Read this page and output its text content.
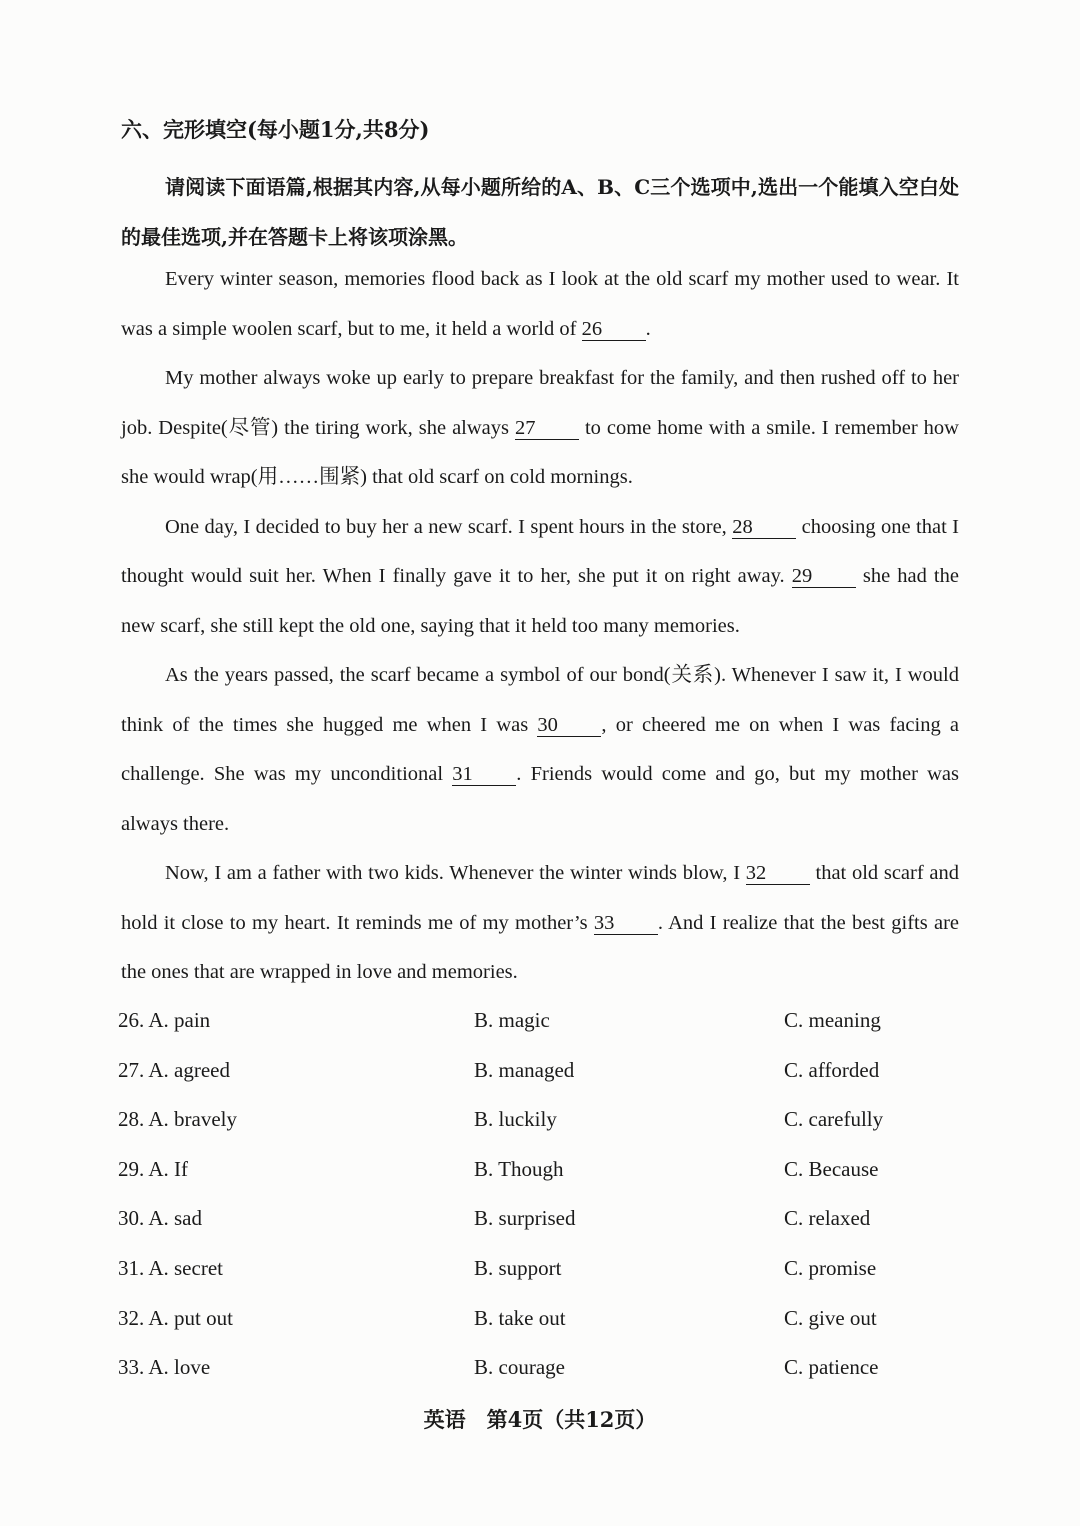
六、完形填空(每小题1分,共8分)
请阅读下面语篇,根据其内容,从每小题所给的A、B、C三个选项中,选出一个能填入空白处的最佳选项,并在答题卡上将该项涂黑。

Every winter season, memories flood back as I look at the old scarf my mother used to wear. It was a simple woolen scarf, but to me, it held a world of 26 .

My mother always woke up early to prepare breakfast for the family, and then rushed off to her job. Despite(尽管) the tiring work, she always 27 to come home with a smile. I remember how she would wrap(用……围紧) that old scarf on cold mornings.

One day, I decided to buy her a new scarf. I spent hours in the store, 28 choosing one that I thought would suit her. When I finally gave it to her, she put it on right away. 29 she had the new scarf, she still kept the old one, saying that it held too many memories.

As the years passed, the scarf became a symbol of our bond(关系). Whenever I saw it, I would think of the times she hugged me when I was 30 , or cheered me on when I was facing a challenge. She was my unconditional 31 . Friends would come and go, but my mother was always there.

Now, I am a father with two kids. Whenever the winter winds blow, I 32 that old scarf and hold it close to my heart. It reminds me of my mother’s 33 . And I realize that the best gifts are the ones that are wrapped in love and memories.

26. A. pain	B. magic	C. meaning
27. A. agreed	B. managed	C. afforded
28. A. bravely	B. luckily	C. carefully
29. A. If	B. Though	C. Because
30. A. sad	B. surprised	C. relaxed
31. A. secret	B. support	C. promise
32. A. put out	B. take out	C. give out
33. A. love	B. courage	C. patience
英语　第4页（共12页）
